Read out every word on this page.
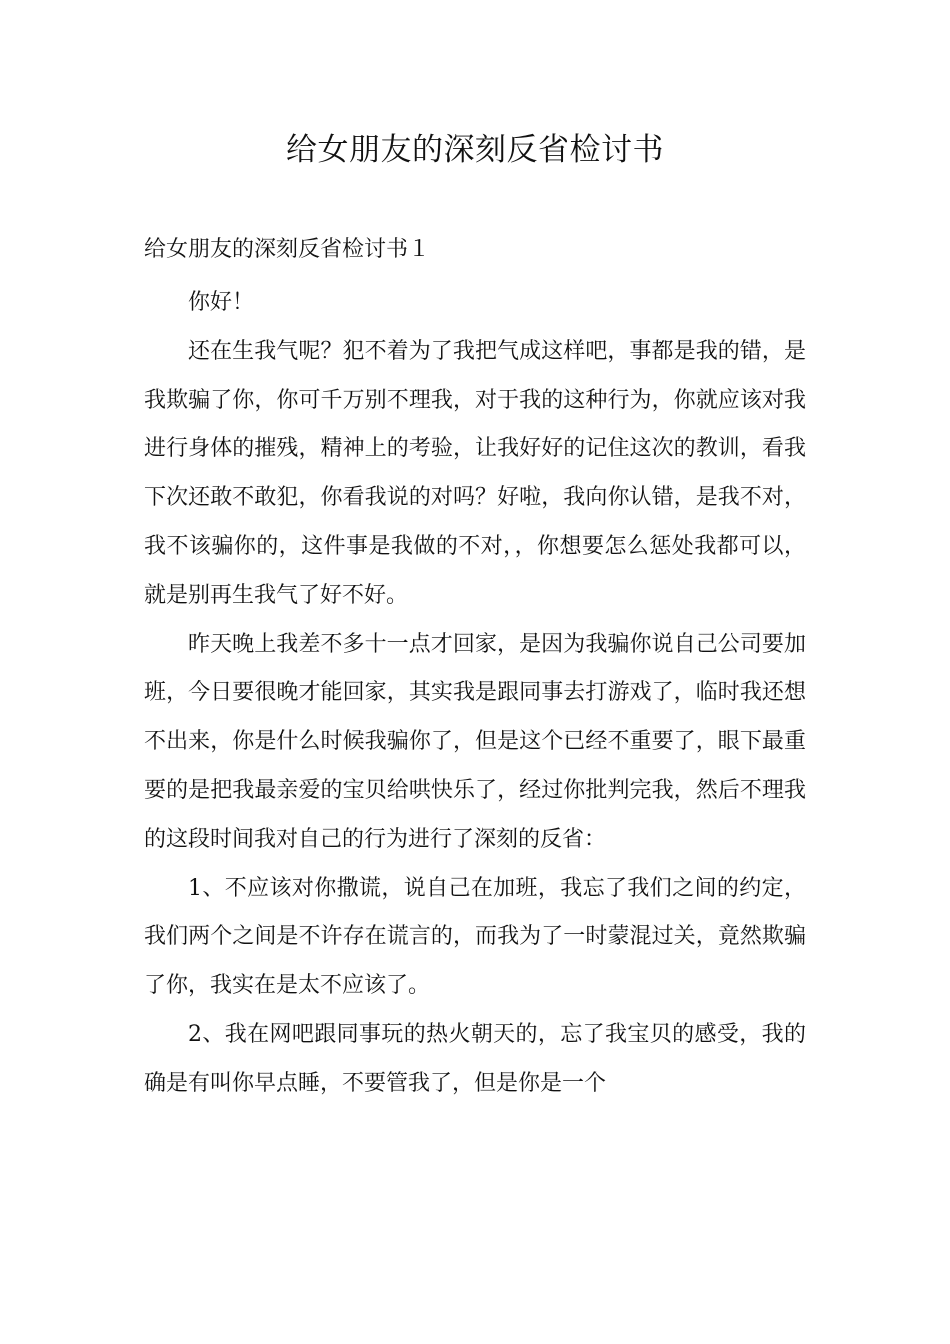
给女朋友的深刻反省检讨书
给女朋友的深刻反省检讨书１

你好！

还在生我气呢？犯不着为了我把气成这样吧，事都是我的错，是我欺骗了你，你可千万别不理我，对于我的这种行为，你就应该对我进行身体的摧残，精神上的考验，让我好好的记住这次的教训，看我下次还敢不敢犯，你看我说的对吗？好啦，我向你认错，是我不对，我不该骗你的，这件事是我做的不对，，你想要怎么惩处我都可以，就是别再生我气了好不好。

昨天晚上我差不多十一点才回家，是因为我骗你说自己公司要加班，今日要很晚才能回家，其实我是跟同事去打游戏了，临时我还想不出来，你是什么时候我骗你了，但是这个已经不重要了，眼下最重要的是把我最亲爱的宝贝给哄快乐了，经过你批判完我，然后不理我的这段时间我对自己的行为进行了深刻的反省：

1、不应该对你撒谎，说自己在加班，我忘了我们之间的约定，我们两个之间是不许存在谎言的，而我为了一时蒙混过关，竟然欺骗了你，我实在是太不应该了。

2、我在网吧跟同事玩的热火朝天的，忘了我宝贝的感受，我的确是有叫你早点睡，不要管我了，但是你是一个
